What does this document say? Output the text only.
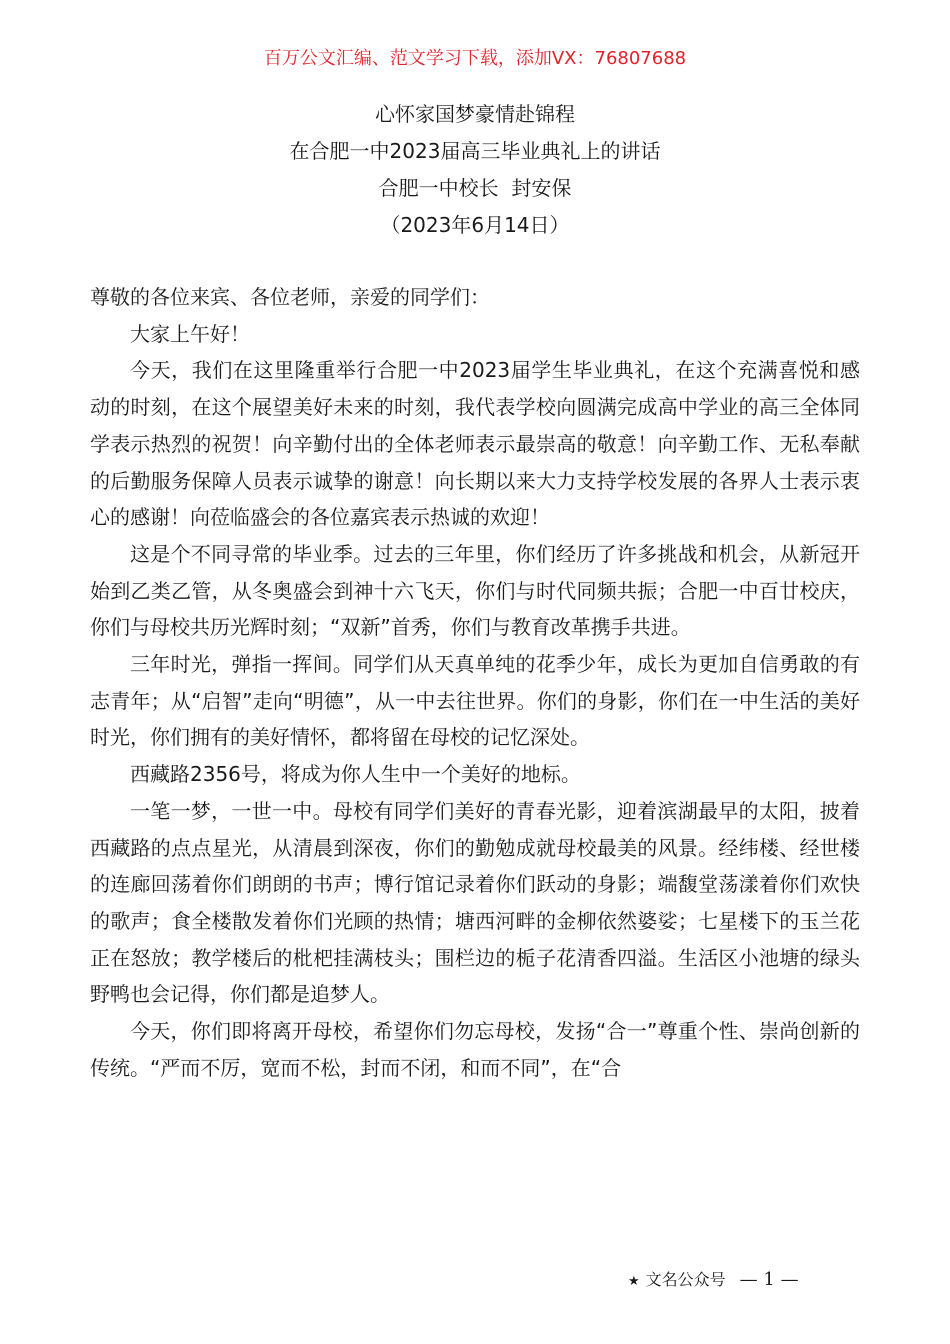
百万公文汇编、范文学习下载，添加VX：76807688
心怀家国梦豪情赴锦程
在合肥一中2023届高三毕业典礼上的讲话
合肥一中校长  封安保
（2023年6月14日）

尊敬的各位来宾、各位老师，亲爱的同学们：

大家上午好！

今天，我们在这里隆重举行合肥一中2023届学生毕业典礼，在这个充满喜悦和感动的时刻，在这个展望美好未来的时刻，我代表学校向圆满完成高中学业的高三全体同学表示热烈的祝贺！向辛勤付出的全体老师表示最崇高的敬意！向辛勤工作、无私奉献的后勤服务保障人员表示诚挚的谢意！向长期以来大力支持学校发展的各界人士表示衷心的感谢！向莅临盛会的各位嘉宾表示热诚的欢迎！

这是个不同寻常的毕业季。过去的三年里，你们经历了许多挑战和机会，从新冠开始到乙类乙管，从冬奥盛会到神十六飞天，你们与时代同频共振；合肥一中百廿校庆，你们与母校共历光辉时刻；“双新”首秀，你们与教育改革携手共进。

三年时光，弹指一挥间。同学们从天真单纯的花季少年，成长为更加自信勇敢的有志青年；从“启智”走向“明德”，从一中去往世界。你们的身影，你们在一中生活的美好时光，你们拥有的美好情怀，都将留在母校的记忆深处。

西藏路2356号，将成为你人生中一个美好的地标。

一笔一梦，一世一中。母校有同学们美好的青春光影，迎着滨湖最早的太阳，披着西藏路的点点星光，从清晨到深夜，你们的勤勉成就母校最美的风景。经纬楼、经世楼的连廊回荡着你们朗朗的书声；博行馆记录着你们跃动的身影；端馥堂荡漾着你们欢快的歌声；食全楼散发着你们光顾的热情；塘西河畔的金柳依然婆娑；七星楼下的玉兰花正在怒放；教学楼后的枇杷挂满枝头；围栏边的栀子花清香四溢。生活区小池塘的绿头野鸭也会记得，你们都是追梦人。

今天，你们即将离开母校，希望你们勿忘母校，发扬“合一”尊重个性、崇尚创新的传统。“严而不厉，宽而不松，封而不闭，和而不同”，在“合

★ 文名公众号 — 1 —
